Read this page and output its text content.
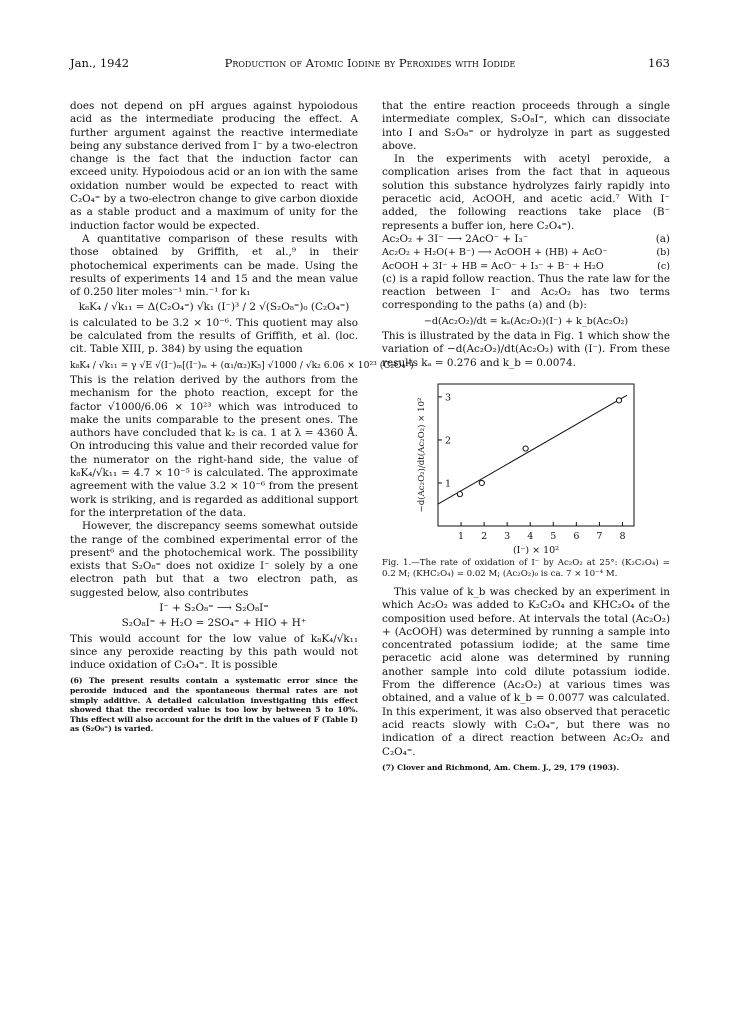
Jan., 1942	Production of Atomic Iodine by Peroxides with Iodide	163

does not depend on pH argues against hypoiodous acid as the intermediate producing the effect. A further argument against the reactive intermediate being any substance derived from I⁻ by a two-electron change is the fact that the induction factor can exceed unity. Hypoiodous acid or an ion with the same oxidation number would be expected to react with C₂O₄⁼ by a two-electron change to give carbon dioxide as a stable product and a maximum of unity for the induction factor would be expected.

A quantitative comparison of these results with those obtained by Griffith, et al.,⁹ in their photochemical experiments can be made. Using the results of experiments 14 and 15 and the mean value of 0.250 liter moles⁻¹ min.⁻¹ for k₁

k₈K₄ / √k₁₁ = Δ(C₂O₄⁼) √k₁ (I⁻)³ / 2 √(S₂O₈⁼)₀ (C₂O₄⁼)

is calculated to be 3.2 × 10⁻⁶. This quotient may also be calculated from the results of Griffith, et al. (loc. cit. Table XIII, p. 384) by using the equation

k₈K₄ / √k₁₁ = γ √E √(I⁻)ₘ[(I⁻)ₘ + (α₁/α₂)K₅] √1000 / √k₂ 6.06 × 10²³ (C₂O₄⁼)

This is the relation derived by the authors from the mechanism for the photo reaction, except for the factor √1000/6.06 × 10²³ which was introduced to make the units comparable to the present ones. The authors have concluded that k₂ is ca. 1 at λ = 4360 Å. On introducing this value and their recorded value for the numerator on the right-hand side, the value of k₈K₄/√k₁₁ = 4.7 × 10⁻⁵ is calculated. The approximate agreement with the value 3.2 × 10⁻⁶ from the present work is striking, and is regarded as additional support for the interpretation of the data.

However, the discrepancy seems somewhat outside the range of the combined experimental error of the present⁶ and the photochemical work. The possibility exists that S₂O₈⁼ does not oxidize I⁻ solely by a one electron path but that a two electron path, as suggested below, also contributes

I⁻ + S₂O₈⁼ ⟶ S₂O₈I⁼
S₂O₈I⁼ + H₂O = 2SO₄⁼ + HIO + H⁺

This would account for the low value of k₈K₄/√k₁₁ since any peroxide reacting by this path would not induce oxidation of C₂O₄⁼. It is possible

(6) The present results contain a systematic error since the peroxide induced and the spontaneous thermal rates are not simply additive. A detailed calculation investigating this effect showed that the recorded value is too low by between 5 to 10%. This effect will also account for the drift in the values of F (Table I) as (S₂O₈⁼) is varied.

that the entire reaction proceeds through a single intermediate complex, S₂O₈I⁼, which can dissociate into I and S₂O₈⁼ or hydrolyze in part as suggested above.

In the experiments with acetyl peroxide, a complication arises from the fact that in aqueous solution this substance hydrolyzes fairly rapidly into peracetic acid, AcOOH, and acetic acid.⁷ With I⁻ added, the following reactions take place (B⁻ represents a buffer ion, here C₂O₄⁼).

Ac₂O₂ + 3I⁻ ⟶ 2AcO⁻ + I₃⁻	(a)
Ac₂O₂ + H₂O(+ B⁻) ⟶ AcOOH + (HB) + AcO⁻	(b)
AcOOH + 3I⁻ + HB = AcO⁻ + I₃⁻ + B⁻ + H₂O	(c)

(c) is a rapid follow reaction. Thus the rate law for the reaction between I⁻ and Ac₂O₂ has two terms corresponding to the paths (a) and (b):

−d(Ac₂O₂)/dt = kₐ(Ac₂O₂)(I⁻) + k_b(Ac₂O₂)

This is illustrated by the data in Fig. 1 which show the variation of −d(Ac₂O₂)/dt(Ac₂O₂) with (I⁻). From these results kₐ = 0.276 and k_b = 0.0074.

1 2 3 4 5 6 7 8
1
2
3
(I⁻) × 10²
−d(Ac₂O₂)/dt(Ac₂O₂) × 10²

Fig. 1.—The rate of oxidation of I⁻ by Ac₂O₂ at 25°: (K₂C₂O₄) = 0.2 M; (KHC₂O₄) = 0.02 M; (Ac₂O₂)₀ is ca. 7 × 10⁻⁴ M.

This value of k_b was checked by an experiment in which Ac₂O₂ was added to K₂C₂O₄ and KHC₂O₄ of the composition used before. At intervals the total (Ac₂O₂) + (AcOOH) was determined by running a sample into concentrated potassium iodide; at the same time peracetic acid alone was determined by running another sample into cold dilute potassium iodide. From the difference (Ac₂O₂) at various times was obtained, and a value of k_b = 0.0077 was calculated. In this experiment, it was also observed that peracetic acid reacts slowly with C₂O₄⁼, but there was no indication of a direct reaction between Ac₂O₂ and C₂O₄⁼.

(7) Clover and Richmond, Am. Chem. J., 29, 179 (1903).
